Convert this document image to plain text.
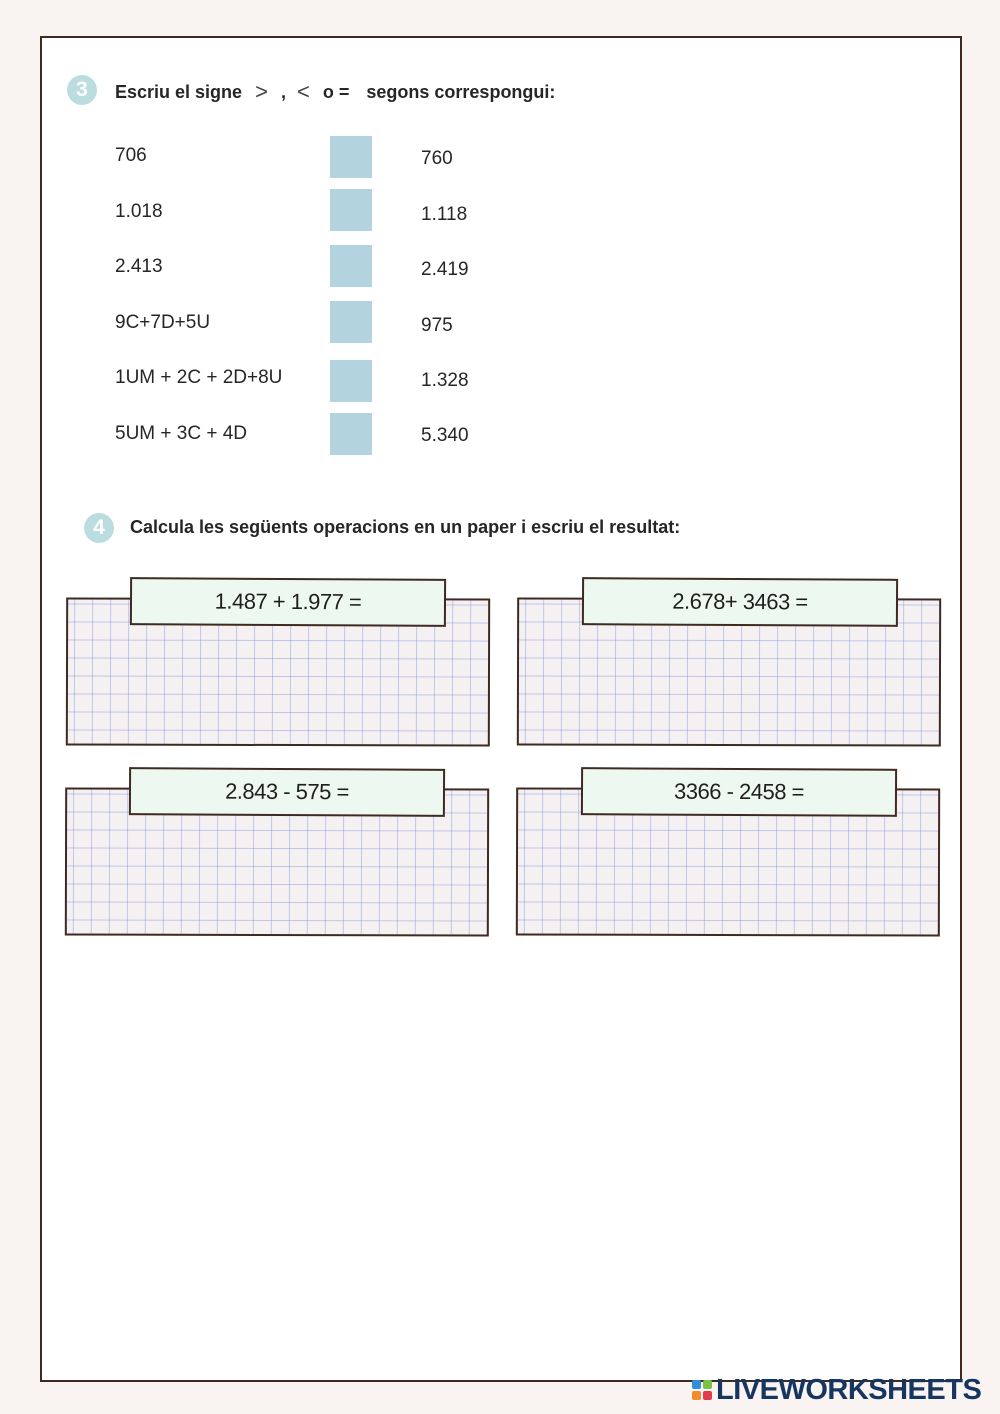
3	Escriu el signe > , < o = segons correspongui:
706	760
1.018	1.118
2.413	2.419
9C+7D+5U	975
1UM + 2C + 2D+8U	1.328
5UM + 3C + 4D	5.340
4	Calcula les següents operacions en un paper i escriu el resultat:
1.487 + 1.977 =	2.678+ 3463 =
2.843 - 575 =	3366 - 2458 =
LIVEWORKSHEETS
